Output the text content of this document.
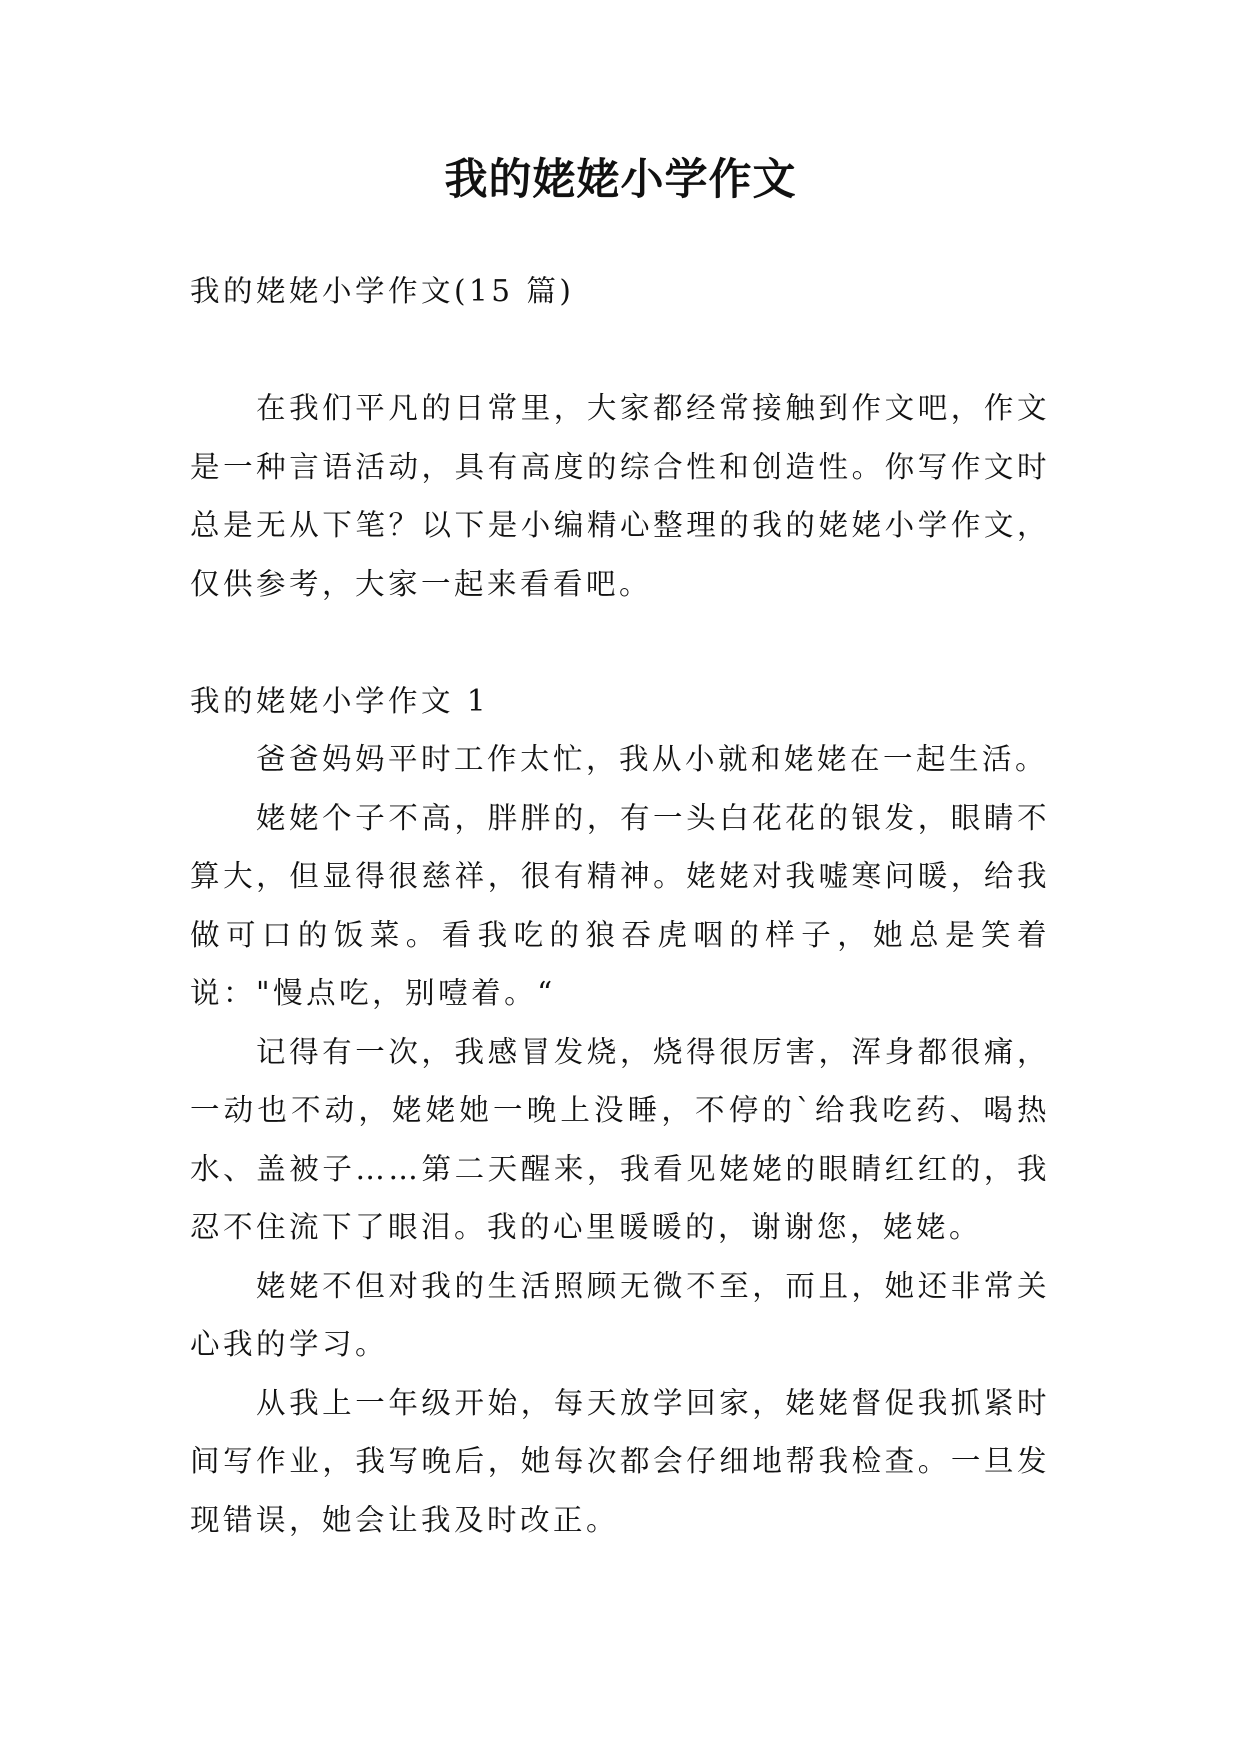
我的姥姥小学作文

我的姥姥小学作文(15 篇)

在我们平凡的日常里，大家都经常接触到作文吧，作文是一种言语活动，具有高度的综合性和创造性。你写作文时总是无从下笔？以下是小编精心整理的我的姥姥小学作文，仅供参考，大家一起来看看吧。

我的姥姥小学作文 1

爸爸妈妈平时工作太忙，我从小就和姥姥在一起生活。

姥姥个子不高，胖胖的，有一头白花花的银发，眼睛不算大，但显得很慈祥，很有精神。姥姥对我嘘寒问暖，给我做可口的饭菜。看我吃的狼吞虎咽的样子，她总是笑着说："慢点吃，别噎着。“

记得有一次，我感冒发烧，烧得很厉害，浑身都很痛，一动也不动，姥姥她一晚上没睡，不停的`给我吃药、喝热水、盖被子……第二天醒来，我看见姥姥的眼睛红红的，我忍不住流下了眼泪。我的心里暖暖的，谢谢您，姥姥。

姥姥不但对我的生活照顾无微不至，而且，她还非常关心我的学习。

从我上一年级开始，每天放学回家，姥姥督促我抓紧时间写作业，我写晚后，她每次都会仔细地帮我检查。一旦发现错误，她会让我及时改正。
